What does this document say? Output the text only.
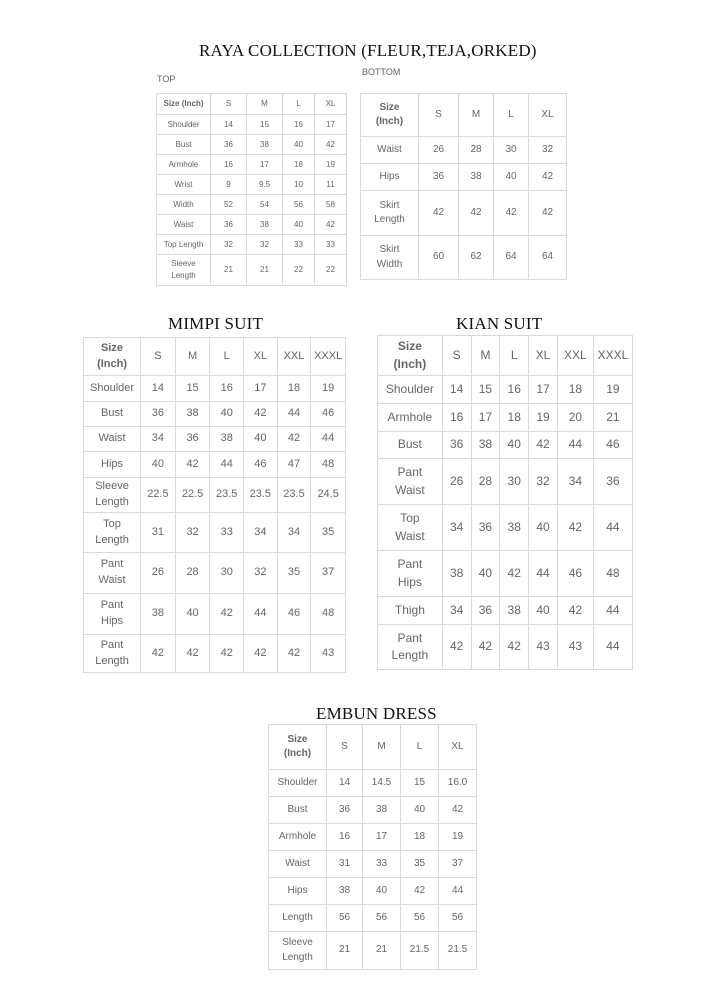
RAYA COLLECTION (FLEUR,TEJA,ORKED)
TOP
BOTTOM
Size (Inch)	S	M	L	XL
Shoulder	14	15	16	17
Bust	36	38	40	42
Armhole	16	17	18	19
Wrist	9	9.5	10	11
Width	52	54	56	58
Waist	36	38	40	42
Top Length	32	32	33	33
Sleeve
Length	21	21	22	22
Size
(Inch)	S	M	L	XL
Waist	26	28	30	32
Hips	36	38	40	42
Skirt
Length	42	42	42	42
Skirt
Width	60	62	64	64
MIMPI SUIT	KIAN SUIT
Size
(Inch)	S	M	L	XL	XXL	XXXL
Shoulder	14	15	16	17	18	19
Bust	36	38	40	42	44	46
Waist	34	36	38	40	42	44
Hips	40	42	44	46	47	48
Sleeve
Length	22.5	22.5	23.5	23.5	23.5	24.5
Top
Length	31	32	33	34	34	35
Pant
Waist	26	28	30	32	35	37
Pant
Hips	38	40	42	44	46	48
Pant
Length	42	42	42	42	42	43
Size
(Inch)	S	M	L	XL	XXL	XXXL
Shoulder	14	15	16	17	18	19
Armhole	16	17	18	19	20	21
Bust	36	38	40	42	44	46
Pant
Waist	26	28	30	32	34	36
Top
Waist	34	36	38	40	42	44
Pant
Hips	38	40	42	44	46	48
Thigh	34	36	38	40	42	44
Pant
Length	42	42	42	43	43	44
EMBUN DRESS
Size
(Inch)	S	M	L	XL
Shoulder	14	14.5	15	16.0
Bust	36	38	40	42
Armhole	16	17	18	19
Waist	31	33	35	37
Hips	38	40	42	44
Length	56	56	56	56
Sleeve
Length	21	21	21.5	21.5
